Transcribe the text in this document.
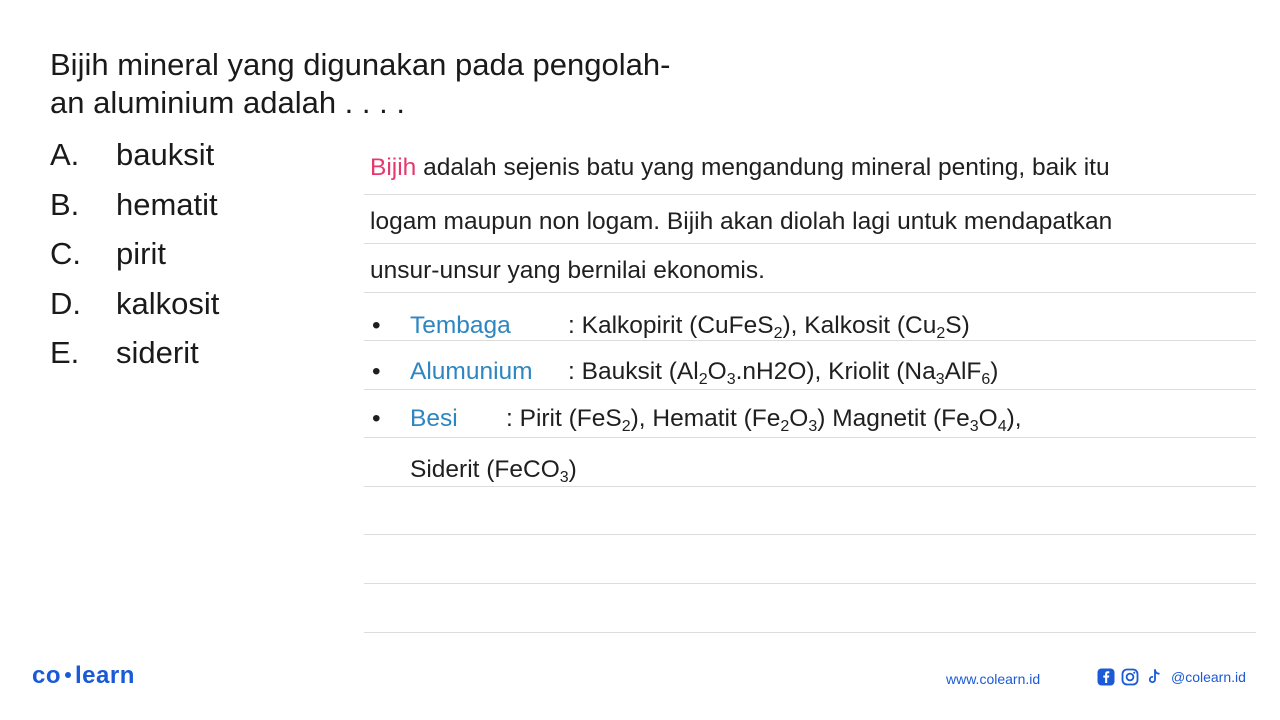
Bijih mineral yang digunakan pada pengolah-
an aluminium adalah . . . .
A. bauksit
B. hematit
C. pirit
D. kalkosit
E. siderit
Bijih adalah sejenis batu yang mengandung mineral penting, baik itu
logam maupun non logam. Bijih akan diolah lagi untuk mendapatkan
unsur-unsur yang bernilai ekonomis.
• Tembaga : Kalkopirit (CuFeS$_2$), Kalkosit $(Cu_2S)$
• Alumunium : Bauksit $(Al_2O_3.nH2O)$, Kriolit $(Na_3AlF_6)$
• Besi : Pirit (FeS$_2$), Hematit $(Fe_2O_3)$ Magnetit $(Fe_3O_4)$,
Siderit (FeCO$_3$)
co learn	www.colearn.id	@colearn.id
